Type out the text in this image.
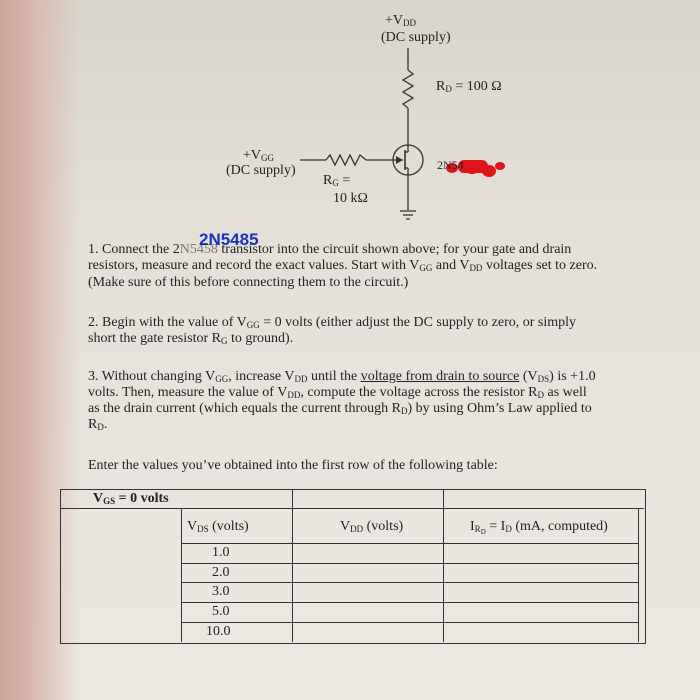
$+V_{DD}$
(DC supply)
$R_D = 100$ Ω
$+V_{GG}$
(DC supply)
$R_G$ =
10 kΩ
2N54
2N5485
1. Connect the 2N5458 transistor into the circuit shown above; for your gate and drain
resistors, measure and record the exact values. Start with $V_{GG}$ and $V_{DD}$ voltages set to zero.
(Make sure of this before connecting them to the circuit.)
2. Begin with the value of $V_{GG} = 0$ volts (either adjust the DC supply to zero, or simply
short the gate resistor $R_G$ to ground).
3. Without changing $V_{GG}$, increase $V_{DD}$ until the voltage from drain to source $(V_{DS})$ is +1.0
volts. Then, measure the value of $V_{DD}$, compute the voltage across the resistor $R_D$ as well
as the drain current (which equals the current through $R_D$) by using Ohm’s Law applied to
$R_D$.
Enter the values you’ve obtained into the first row of the following table:
$V_{GS} = 0$ volts
$V_{DS}$ (volts)	$V_{DD}$ (volts)	$I_{R_D} = I_D$ (mA, computed)
1.0
2.0
3.0
5.0
10.0
